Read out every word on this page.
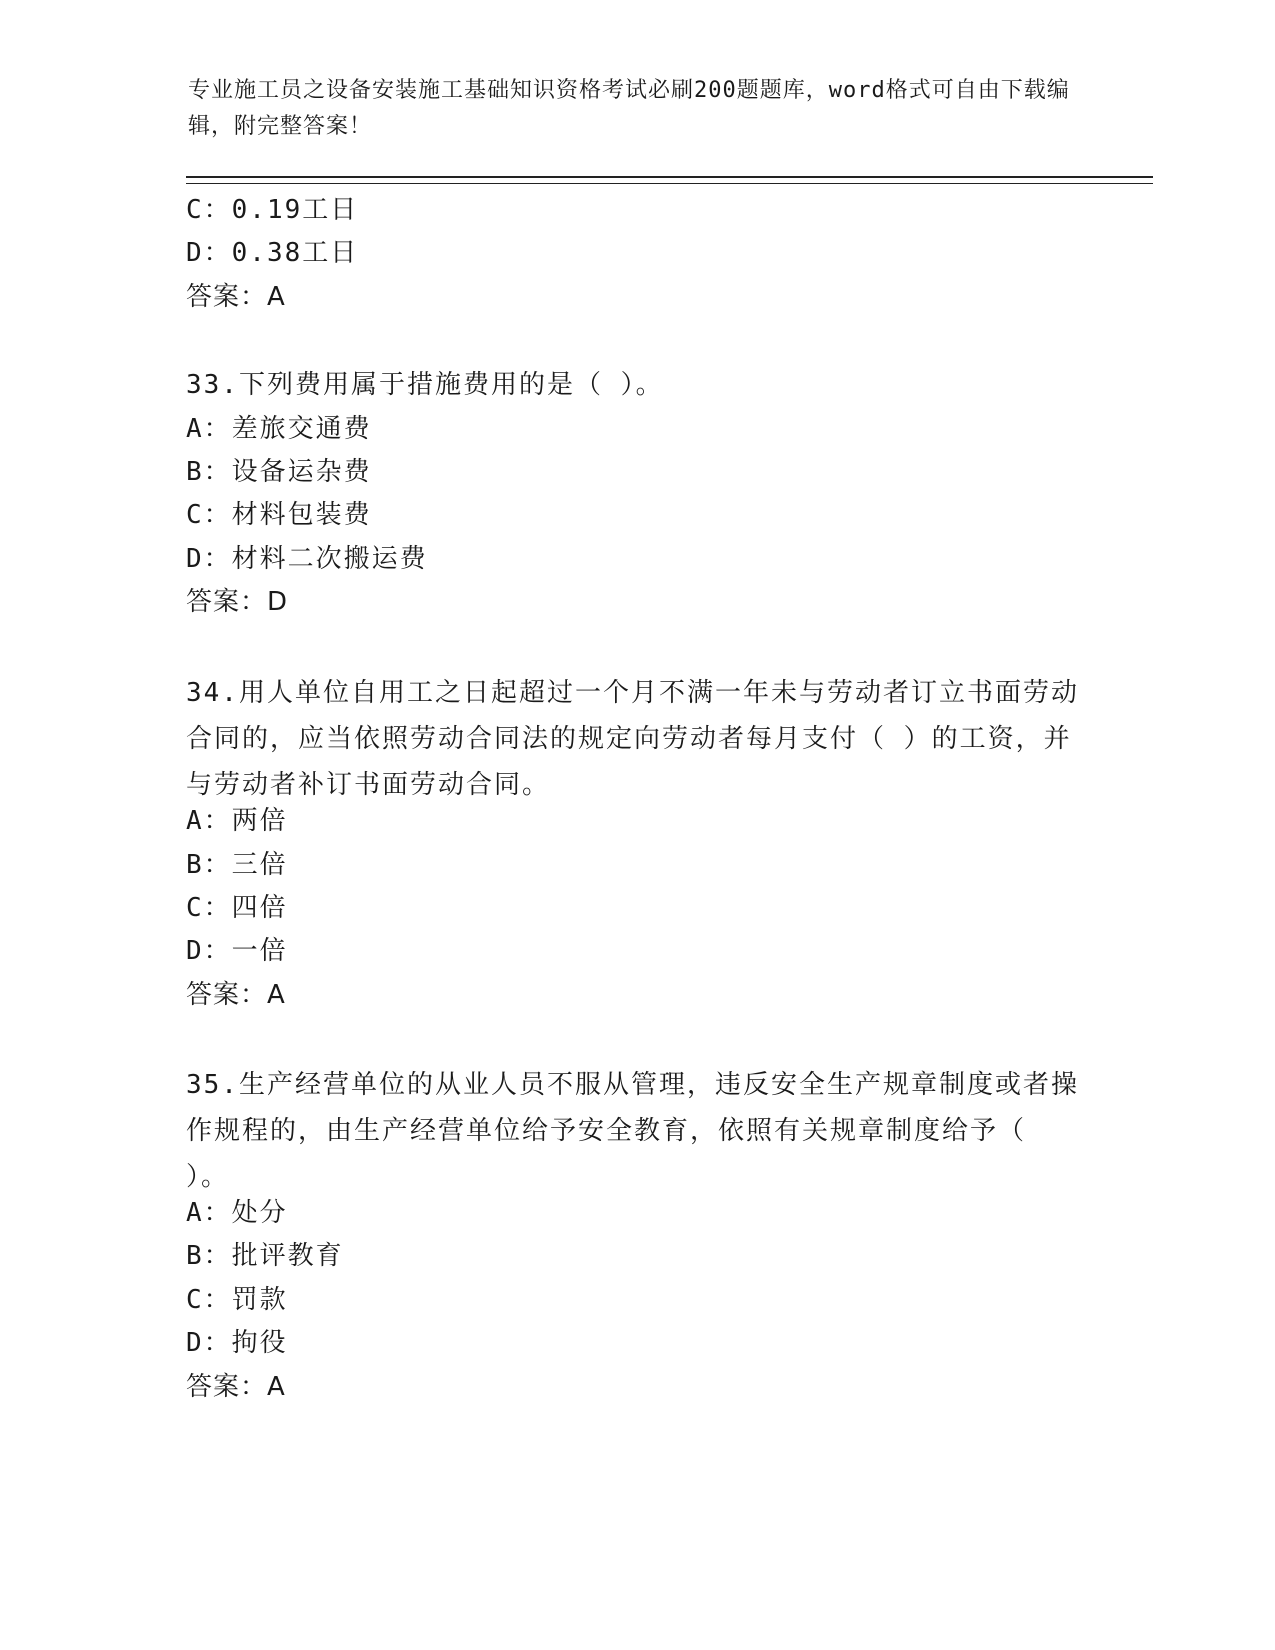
专业施工员之设备安装施工基础知识资格考试必刷200题题库，word格式可自由下载编辑，附完整答案！
C：0.19工日
D：0.38工日
答案：A
33.下列费用属于措施费用的是（ ）。
A：差旅交通费
B：设备运杂费
C：材料包装费
D：材料二次搬运费
答案：D
34.用人单位自用工之日起超过一个月不满一年未与劳动者订立书面劳动合同的，应当依照劳动合同法的规定向劳动者每月支付（ ）的工资，并与劳动者补订书面劳动合同。
A：两倍
B：三倍
C：四倍
D：一倍
答案：A
35.生产经营单位的从业人员不服从管理，违反安全生产规章制度或者操作规程的，由生产经营单位给予安全教育，依照有关规章制度给予（ ）。
A：处分
B：批评教育
C：罚款
D：拘役
答案：A
